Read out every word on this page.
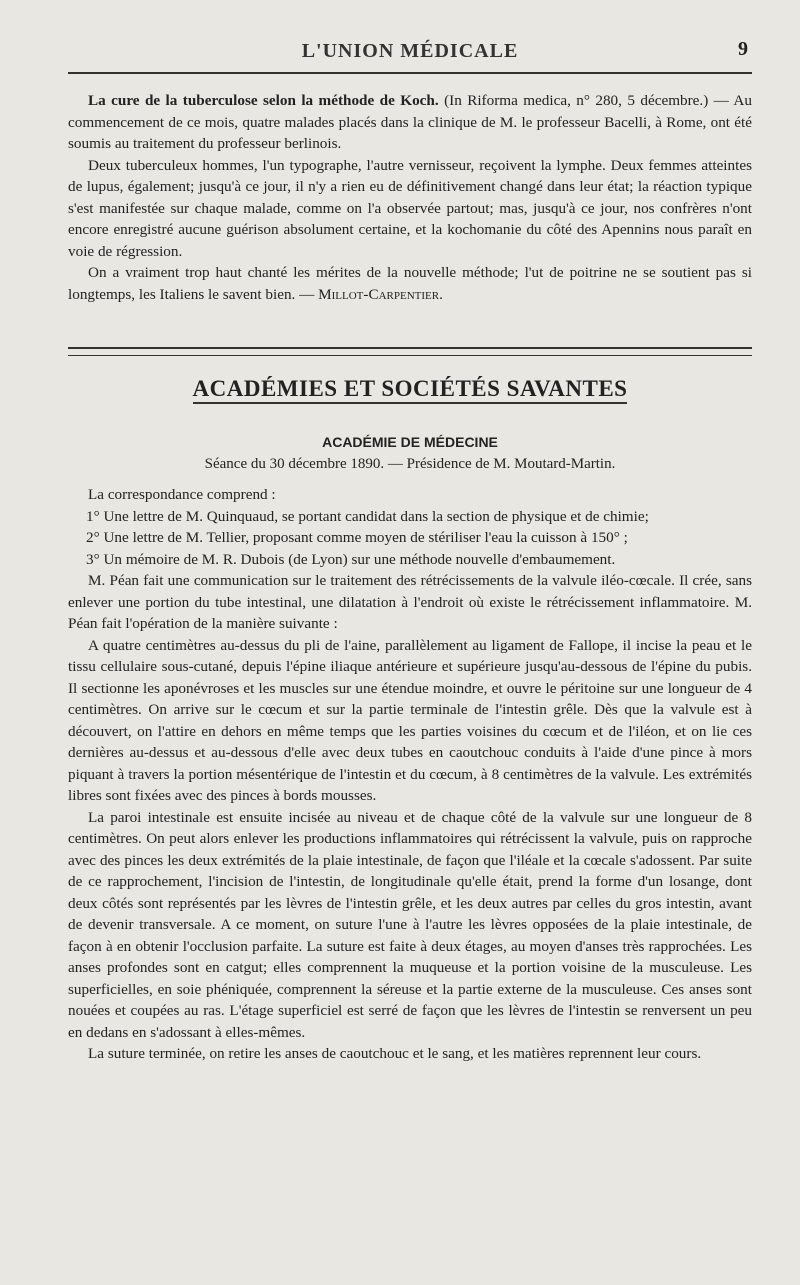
L'UNION MÉDICALE	9

La cure de la tuberculose selon la méthode de Koch. (In Riforma medica, n° 280, 5 décembre.) — Au commencement de ce mois, quatre malades placés dans la clinique de M. le professeur Bacelli, à Rome, ont été soumis au traitement du professeur berlinois.

Deux tuberculeux hommes, l'un typographe, l'autre vernisseur, reçoivent la lymphe. Deux femmes atteintes de lupus, également; jusqu'à ce jour, il n'y a rien eu de définitivement changé dans leur état; la réaction typique s'est manifestée sur chaque malade, comme on l'a observée partout; mas, jusqu'à ce jour, nos confrères n'ont encore enregistré aucune guérison absolument certaine, et la kochomanie du côté des Apennins nous paraît en voie de régression.

On a vraiment trop haut chanté les mérites de la nouvelle méthode; l'ut de poitrine ne se soutient pas si longtemps, les Italiens le savent bien. — Millot-Carpentier.

ACADÉMIES ET SOCIÉTÉS SAVANTES
ACADÉMIE DE MÉDECINE
Séance du 30 décembre 1890. — Présidence de M. Moutard-Martin.

La correspondance comprend :

1° Une lettre de M. Quinquaud, se portant candidat dans la section de physique et de chimie;

2° Une lettre de M. Tellier, proposant comme moyen de stériliser l'eau la cuisson à 150° ;

3° Un mémoire de M. R. Dubois (de Lyon) sur une méthode nouvelle d'embaumement.

M. Péan fait une communication sur le traitement des rétrécissements de la valvule iléo-cœcale. Il crée, sans enlever une portion du tube intestinal, une dilatation à l'endroit où existe le rétrécissement inflammatoire. M. Péan fait l'opération de la manière suivante :

A quatre centimètres au-dessus du pli de l'aine, parallèlement au ligament de Fallope, il incise la peau et le tissu cellulaire sous-cutané, depuis l'épine iliaque antérieure et supérieure jusqu'au-dessous de l'épine du pubis. Il sectionne les aponévroses et les muscles sur une étendue moindre, et ouvre le péritoine sur une longueur de 4 centimètres. On arrive sur le cœcum et sur la partie terminale de l'intestin grêle. Dès que la valvule est à découvert, on l'attire en dehors en même temps que les parties voisines du cœcum et de l'iléon, et on lie ces dernières au-dessus et au-dessous d'elle avec deux tubes en caoutchouc conduits à l'aide d'une pince à mors piquant à travers la portion mésentérique de l'intestin et du cœcum, à 8 centimètres de la valvule. Les extrémités libres sont fixées avec des pinces à bords mousses.

La paroi intestinale est ensuite incisée au niveau et de chaque côté de la valvule sur une longueur de 8 centimètres. On peut alors enlever les productions inflammatoires qui rétrécissent la valvule, puis on rapproche avec des pinces les deux extrémités de la plaie intestinale, de façon que l'iléale et la cœcale s'adossent. Par suite de ce rapprochement, l'incision de l'intestin, de longitudinale qu'elle était, prend la forme d'un losange, dont deux côtés sont représentés par les lèvres de l'intestin grêle, et les deux autres par celles du gros intestin, avant de devenir transversale. A ce moment, on suture l'une à l'autre les lèvres opposées de la plaie intestinale, de façon à en obtenir l'occlusion parfaite. La suture est faite à deux étages, au moyen d'anses très rapprochées. Les anses profondes sont en catgut; elles comprennent la muqueuse et la portion voisine de la musculeuse. Les superficielles, en soie phéniquée, comprennent la séreuse et la partie externe de la musculeuse. Ces anses sont nouées et coupées au ras. L'étage superficiel est serré de façon que les lèvres de l'intestin se renversent un peu en dedans en s'adossant à elles-mêmes.

La suture terminée, on retire les anses de caoutchouc et le sang, et les matières reprennent leur cours.
